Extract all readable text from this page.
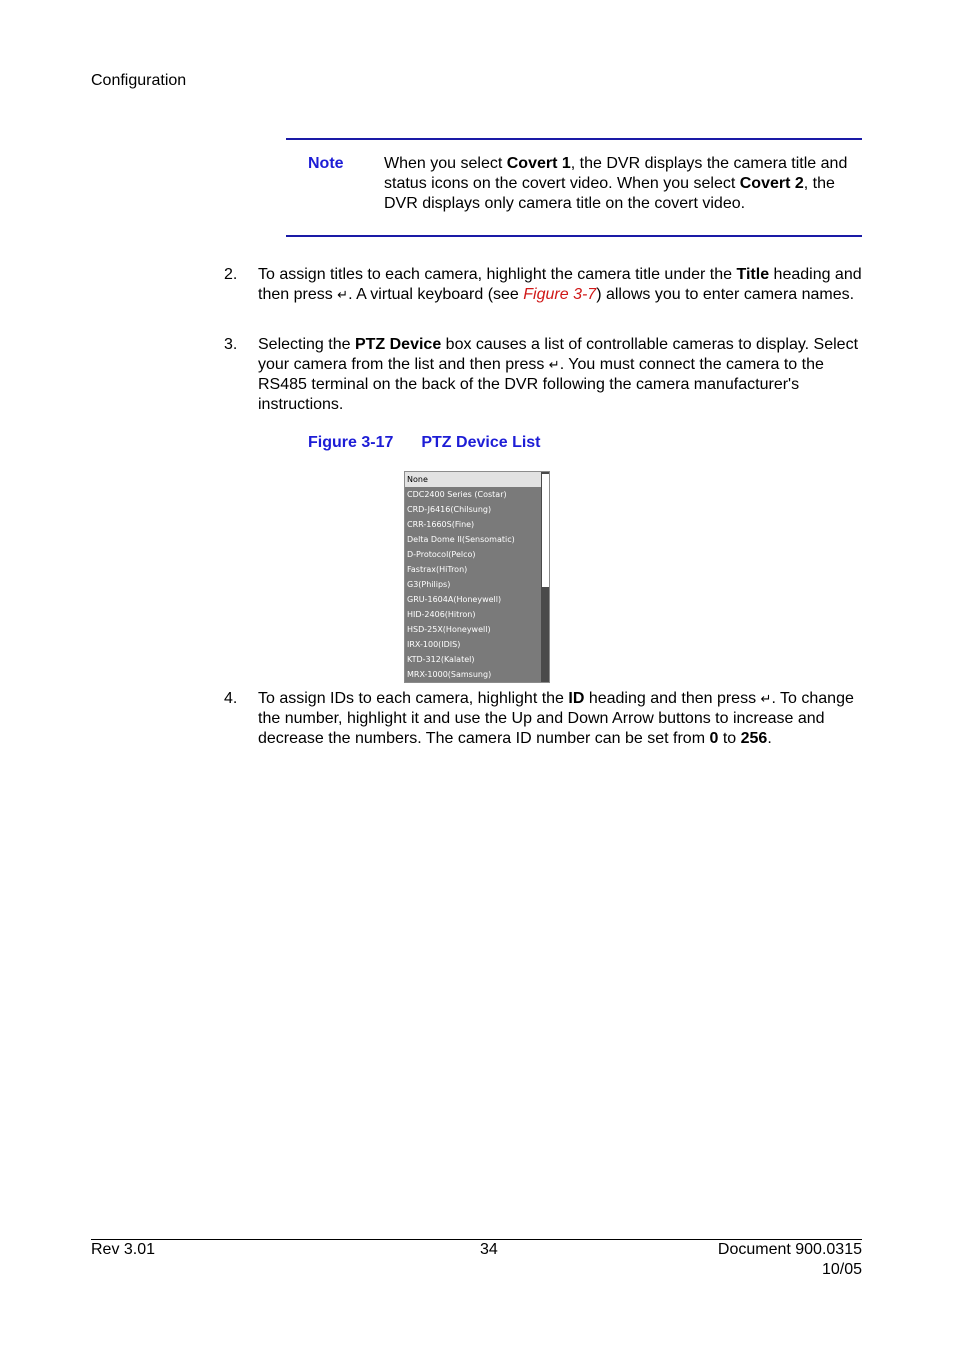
Configuration
Note	When you select Covert 1, the DVR displays the camera title and status icons on the covert video. When you select Covert 2, the DVR displays only camera title on the covert video.
2. To assign titles to each camera, highlight the camera title under the Title heading and then press ↵. A virtual keyboard (see Figure 3-7) allows you to enter camera names.
3. Selecting the PTZ Device box causes a list of controllable cameras to display. Select your camera from the list and then press ↵. You must connect the camera to the RS485 terminal on the back of the DVR following the camera manufacturer's instructions.
Figure 3-17 PTZ Device List
None
CDC2400 Series (Costar)
CRD-J6416(Chilsung)
CRR-1660S(Fine)
Delta Dome II(Sensomatic)
D-Protocol(Pelco)
Fastrax(HiTron)
G3(Philips)
GRU-1604A(Honeywell)
HID-2406(Hitron)
HSD-25X(Honeywell)
IRX-100(IDIS)
KTD-312(Kalatel)
MRX-1000(Samsung)
4. To assign IDs to each camera, highlight the ID heading and then press ↵. To change the number, highlight it and use the Up and Down Arrow buttons to increase and decrease the numbers. The camera ID number can be set from 0 to 256.
Rev 3.01	34	Document 900.0315
10/05
